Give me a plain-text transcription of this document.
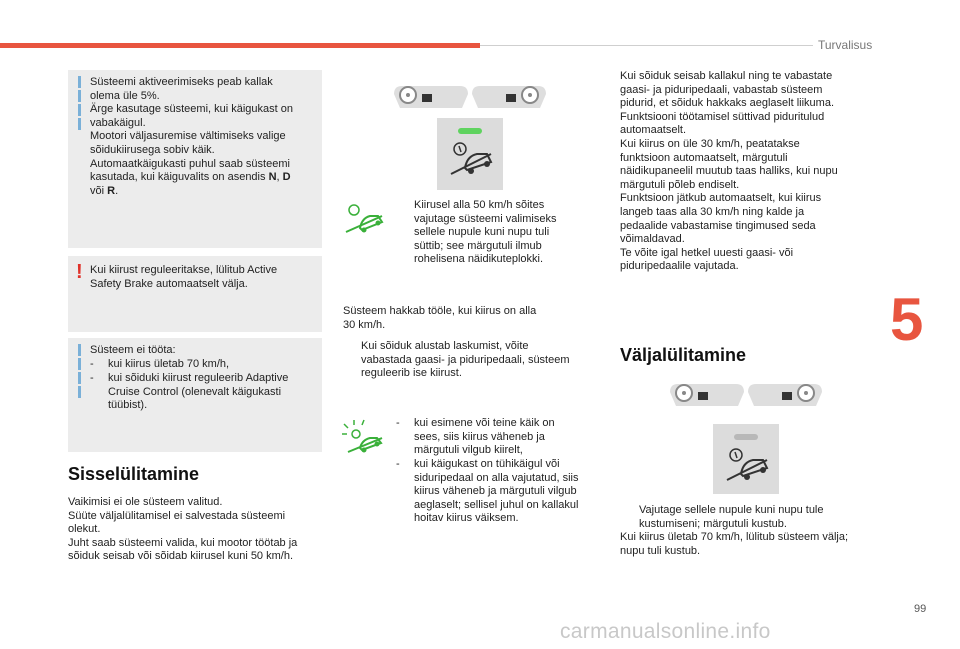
Turvalisus
5
Süsteemi aktiveerimiseks peab kallak
olema üle 5%.
Ärge kasutage süsteemi, kui käigukast on
vabakäigul.
Mootori väljasuremise vältimiseks valige
sõidukiirusega sobiv käik.
Automaatkäigukasti puhul saab süsteemi
kasutada, kui käiguvalits on asendis N, D
või R.
! Kui kiirust reguleeritakse, lülitub Active
Safety Brake automaatselt välja.
Süsteem ei tööta:
- kui kiirus ületab 70 km/h,
- kui sõiduki kiirust reguleerib Adaptive
Cruise Control (olenevalt käigukasti
tüübist).
Sisselülitamine
Vaikimisi ei ole süsteem valitud.
Süüte väljalülitamisel ei salvestada süsteemi
olekut.
Juht saab süsteemi valida, kui mootor töötab ja
sõiduk seisab või sõidab kiirusel kuni 50 km/h.
Kiirusel alla 50 km/h sõites
vajutage süsteemi valimiseks
sellele nupule kuni nupu tuli
süttib; see märgutuli ilmub
rohelisena näidikuteplokki.
Süsteem hakkab tööle, kui kiirus on alla
30 km/h.
Kui sõiduk alustab laskumist, võite
vabastada gaasi- ja piduripedaali, süsteem
reguleerib ise kiirust.
- kui esimene või teine käik on
sees, siis kiirus väheneb ja
märgutuli vilgub kiirelt,
- kui käigukast on tühikäigul või
siduripedaal on alla vajutatud, siis
kiirus väheneb ja märgutuli vilgub
aeglaselt; sellisel juhul on kallakul
hoitav kiirus väiksem.
Kui sõiduk seisab kallakul ning te vabastate
gaasi- ja piduripedaali, vabastab süsteem
pidurid, et sõiduk hakkaks aeglaselt liikuma.
Funktsiooni töötamisel süttivad piduritulud
automaatselt.
Kui kiirus on üle 30 km/h, peatatakse
funktsioon automaatselt, märgutuli
näidikupaneelil muutub taas halliks, kui nupu
märgutuli põleb endiselt.
Funktsioon jätkub automaatselt, kui kiirus
langeb taas alla 30 km/h ning kalde ja
pedaalide vabastamise tingimused seda
võimaldavad.
Te võite igal hetkel uuesti gaasi- või
piduripedaalile vajutada.
Väljalülitamine
Vajutage sellele nupule kuni nupu tule
kustumiseni; märgutuli kustub.
Kui kiirus ületab 70 km/h, lülitub süsteem välja;
nupu tuli kustub.
99
carmanualsonline.info
